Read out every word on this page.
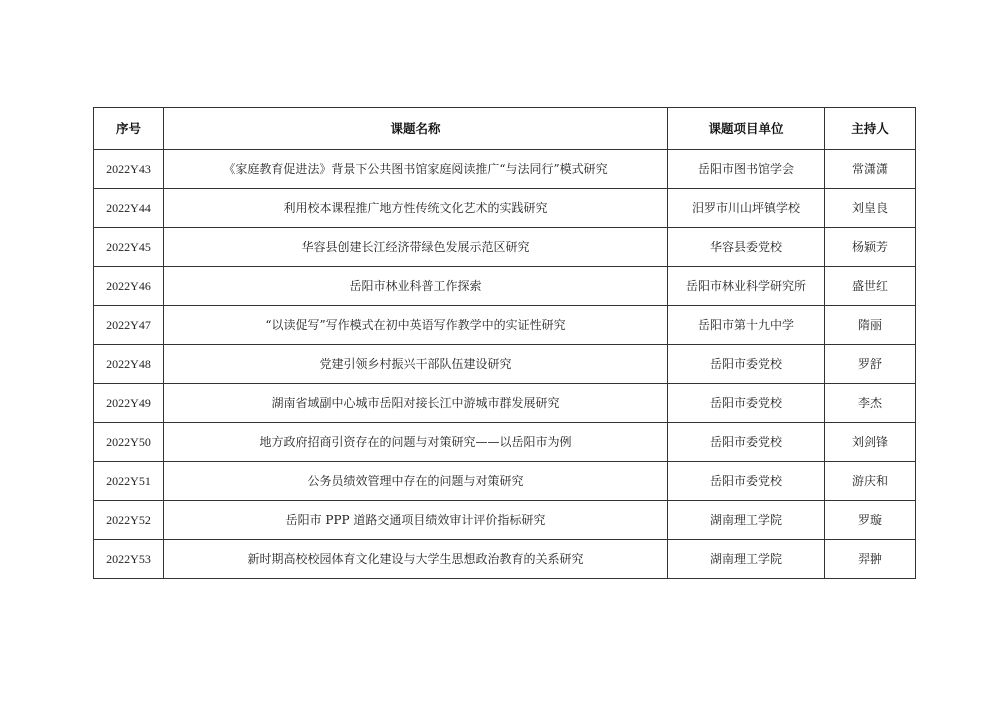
序号	课题名称	课题项目单位	主持人
2022Y43	《家庭教育促进法》背景下公共图书馆家庭阅读推广“与法同行”模式研究	岳阳市图书馆学会	常潇潇
2022Y44	利用校本课程推广地方性传统文化艺术的实践研究	汨罗市川山坪镇学校	刘皇良
2022Y45	华容县创建长江经济带绿色发展示范区研究	华容县委党校	杨颖芳
2022Y46	岳阳市林业科普工作探索	岳阳市林业科学研究所	盛世红
2022Y47	“以读促写”写作模式在初中英语写作教学中的实证性研究	岳阳市第十九中学	隋丽
2022Y48	党建引领乡村振兴干部队伍建设研究	岳阳市委党校	罗舒
2022Y49	湖南省域副中心城市岳阳对接长江中游城市群发展研究	岳阳市委党校	李杰
2022Y50	地方政府招商引资存在的问题与对策研究——以岳阳市为例	岳阳市委党校	刘剑锋
2022Y51	公务员绩效管理中存在的问题与对策研究	岳阳市委党校	游庆和
2022Y52	岳阳市 PPP 道路交通项目绩效审计评价指标研究	湖南理工学院	罗璇
2022Y53	新时期高校校园体育文化建设与大学生思想政治教育的关系研究	湖南理工学院	羿翀
